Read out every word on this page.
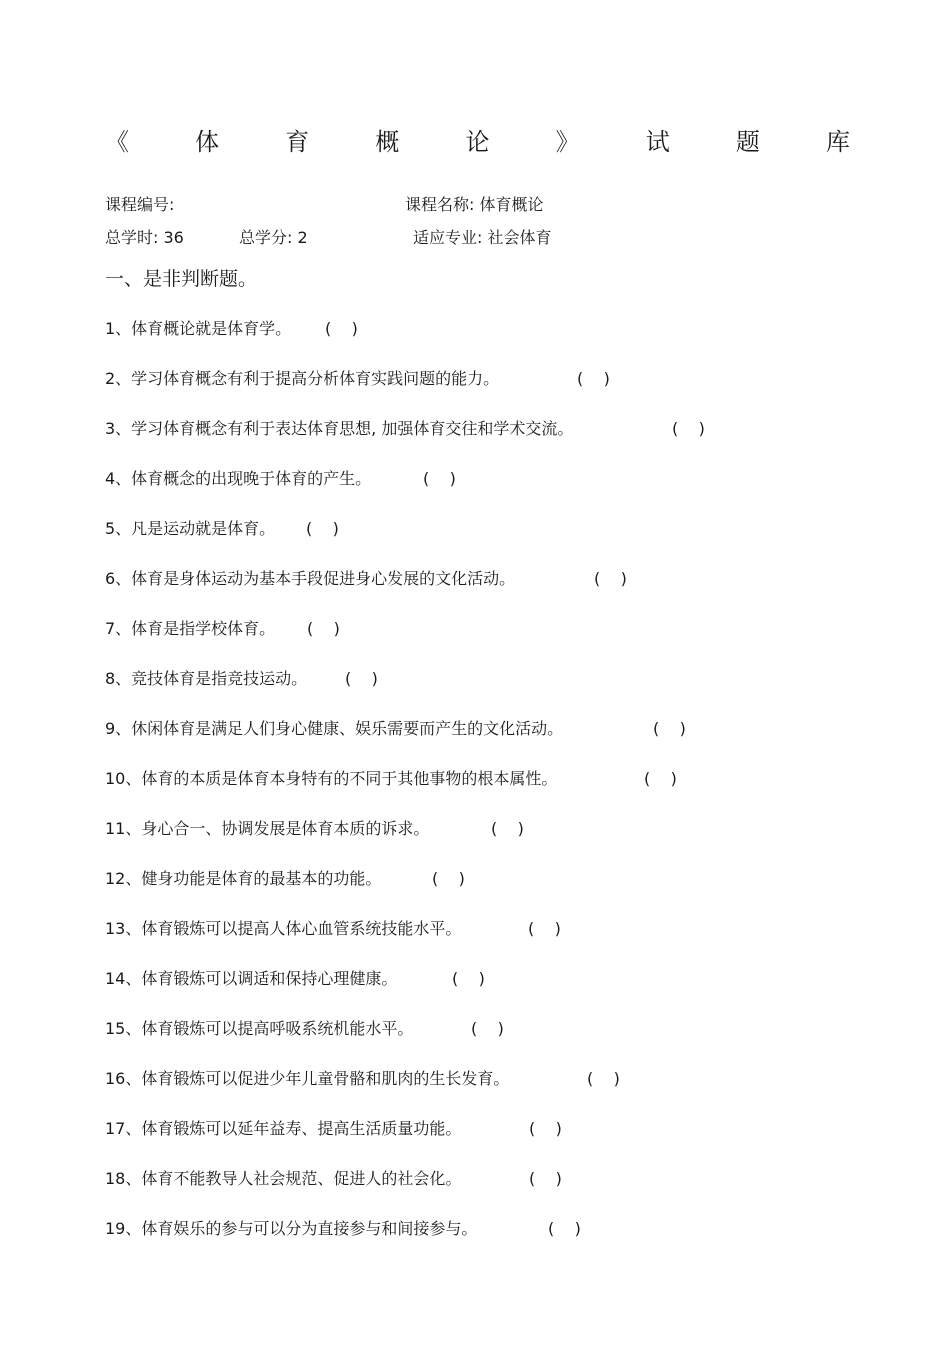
《	体	育	概	论	》	试	题	库
课程编号:	课程名称: 体育概论
总学时: 36	总学分: 2	适应专业: 社会体育
一、是非判断题。
1、体育概论就是体育学。 (    )
2、学习体育概念有利于提高分析体育实践问题的能力。	(    )
3、学习体育概念有利于表达体育思想, 加强体育交往和学术交流。	(    )
4、体育概念的出现晚于体育的产生。	(    )
5、凡是运动就是体育。 (    )
6、体育是身体运动为基本手段促进身心发展的文化活动。	(    )
7、体育是指学校体育。 (    )
8、竞技体育是指竞技运动。 (    )
9、休闲体育是满足人们身心健康、娱乐需要而产生的文化活动。	(    )
10、体育的本质是体育本身特有的不同于其他事物的根本属性。	(    )
11、身心合一、协调发展是体育本质的诉求。	(    )
12、健身功能是体育的最基本的功能。	(    )
13、体育锻炼可以提高人体心血管系统技能水平。	(    )
14、体育锻炼可以调适和保持心理健康。	(    )
15、体育锻炼可以提高呼吸系统机能水平。	(    )
16、体育锻炼可以促进少年儿童骨骼和肌肉的生长发育。	(    )
17、体育锻炼可以延年益寿、提高生活质量功能。	(    )
18、体育不能教导人社会规范、促进人的社会化。	(    )
19、体育娱乐的参与可以分为直接参与和间接参与。	(    )
